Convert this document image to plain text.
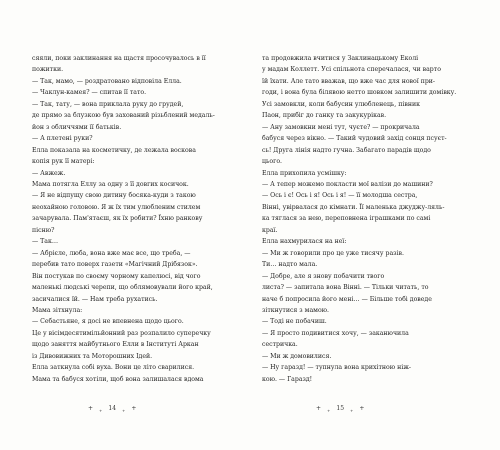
сяяли, поки заклинання на щастя просочувалось в її
пожитки.
— Так, мамо, — роздратовано відповіла Елла.
— Чаклун-камея? — спитав її тато.
— Так, тату, — вона приклала руку до грудей,
де прямо за блузкою був захований різьблений медаль-
йон з обличчями її батьків.
— А плетені руки?
Елла показала на косметичку, де лежала воскова
копія рук її матері:
— Авжеж.
Мама потягла Еллу за одну з її довгих косичок.
— Я не відпущу свою дитину босяка-куди з такою
неохайною головою. Я ж їх тим улюбленим стилем
зачарувала. Пам'ятаєш, як їх робити? Їхню ранкову
пісню?
— Так…
— Абрієле, люба, вона вже має все, що треба, —
перебив тато поверх газети «Магічний Дрібязок».
Він постукав по своєму чорному капелюсі, від чого
маленькі людські черепи, що облямовували його край,
засичалися їй. — Нам треба рухатись.
Мама зітхнула:
— Себастьяне, я досі не впевнена щодо цього.
Це у вісімдесятимільйонний раз розпалило суперечку
щодо заняття майбутнього Елли в Інституті Аркан
із Дивовижних та Моторошних Ідей.
Елла заткнула собі вуха. Вони це літо сварилися.
Мама та бабуся хотіли, щоб вона залишалася вдома
+ + 14 + +
та продовжила вчитися у Заклинацькому Еколі
у мадам Коллетт. Усі спільнота сперечалася, чи варто
їй їхати. Але тато вважав, що вже час для нової при-
годи, і вона була білявою нетто шовком залишити домівку.
Усі замовкли, коли бабусин улюбленець, півник
Паон, прибіг до ганку та закукурікав.
— Ану замовкни мені тут, чуєте? — прокричала
бабуся через вікно. — Такий чудовий захід сонця псуєт-
сь! Друга лінія надто гучна. Забагато парадів щодо
цього.
Елла прихопила усмішку:
— А тепер можемо покласти мої валізи до машини?
— Ось і є! Ось і я! Ось і я! — її молодша сестра,
Вінні, увірвалася до кімнати. Її маленька джуджу-ляль-
ка тяглася за нею, переповнена іграшками по самі
краї.
Елла нахмурилася на неї:
— Ми ж говорили про це уже тисячу разів.
Ти… надто мала.
— Добре, але я знову побачити твого
листа? — запитала вона Вінні. — Тільки читать, то
наче б попросила його мені… — Більше тобі доведе
зіткнутися з мамою.
— Тоді не побачиш.
— Я просто подивитися хочу, — заканючила
сестричка.
— Ми ж домовилися.
— Ну гаразд! — тупнула вона крихітною ніж-
кою. — Гаразд!
+ + 15 + +
